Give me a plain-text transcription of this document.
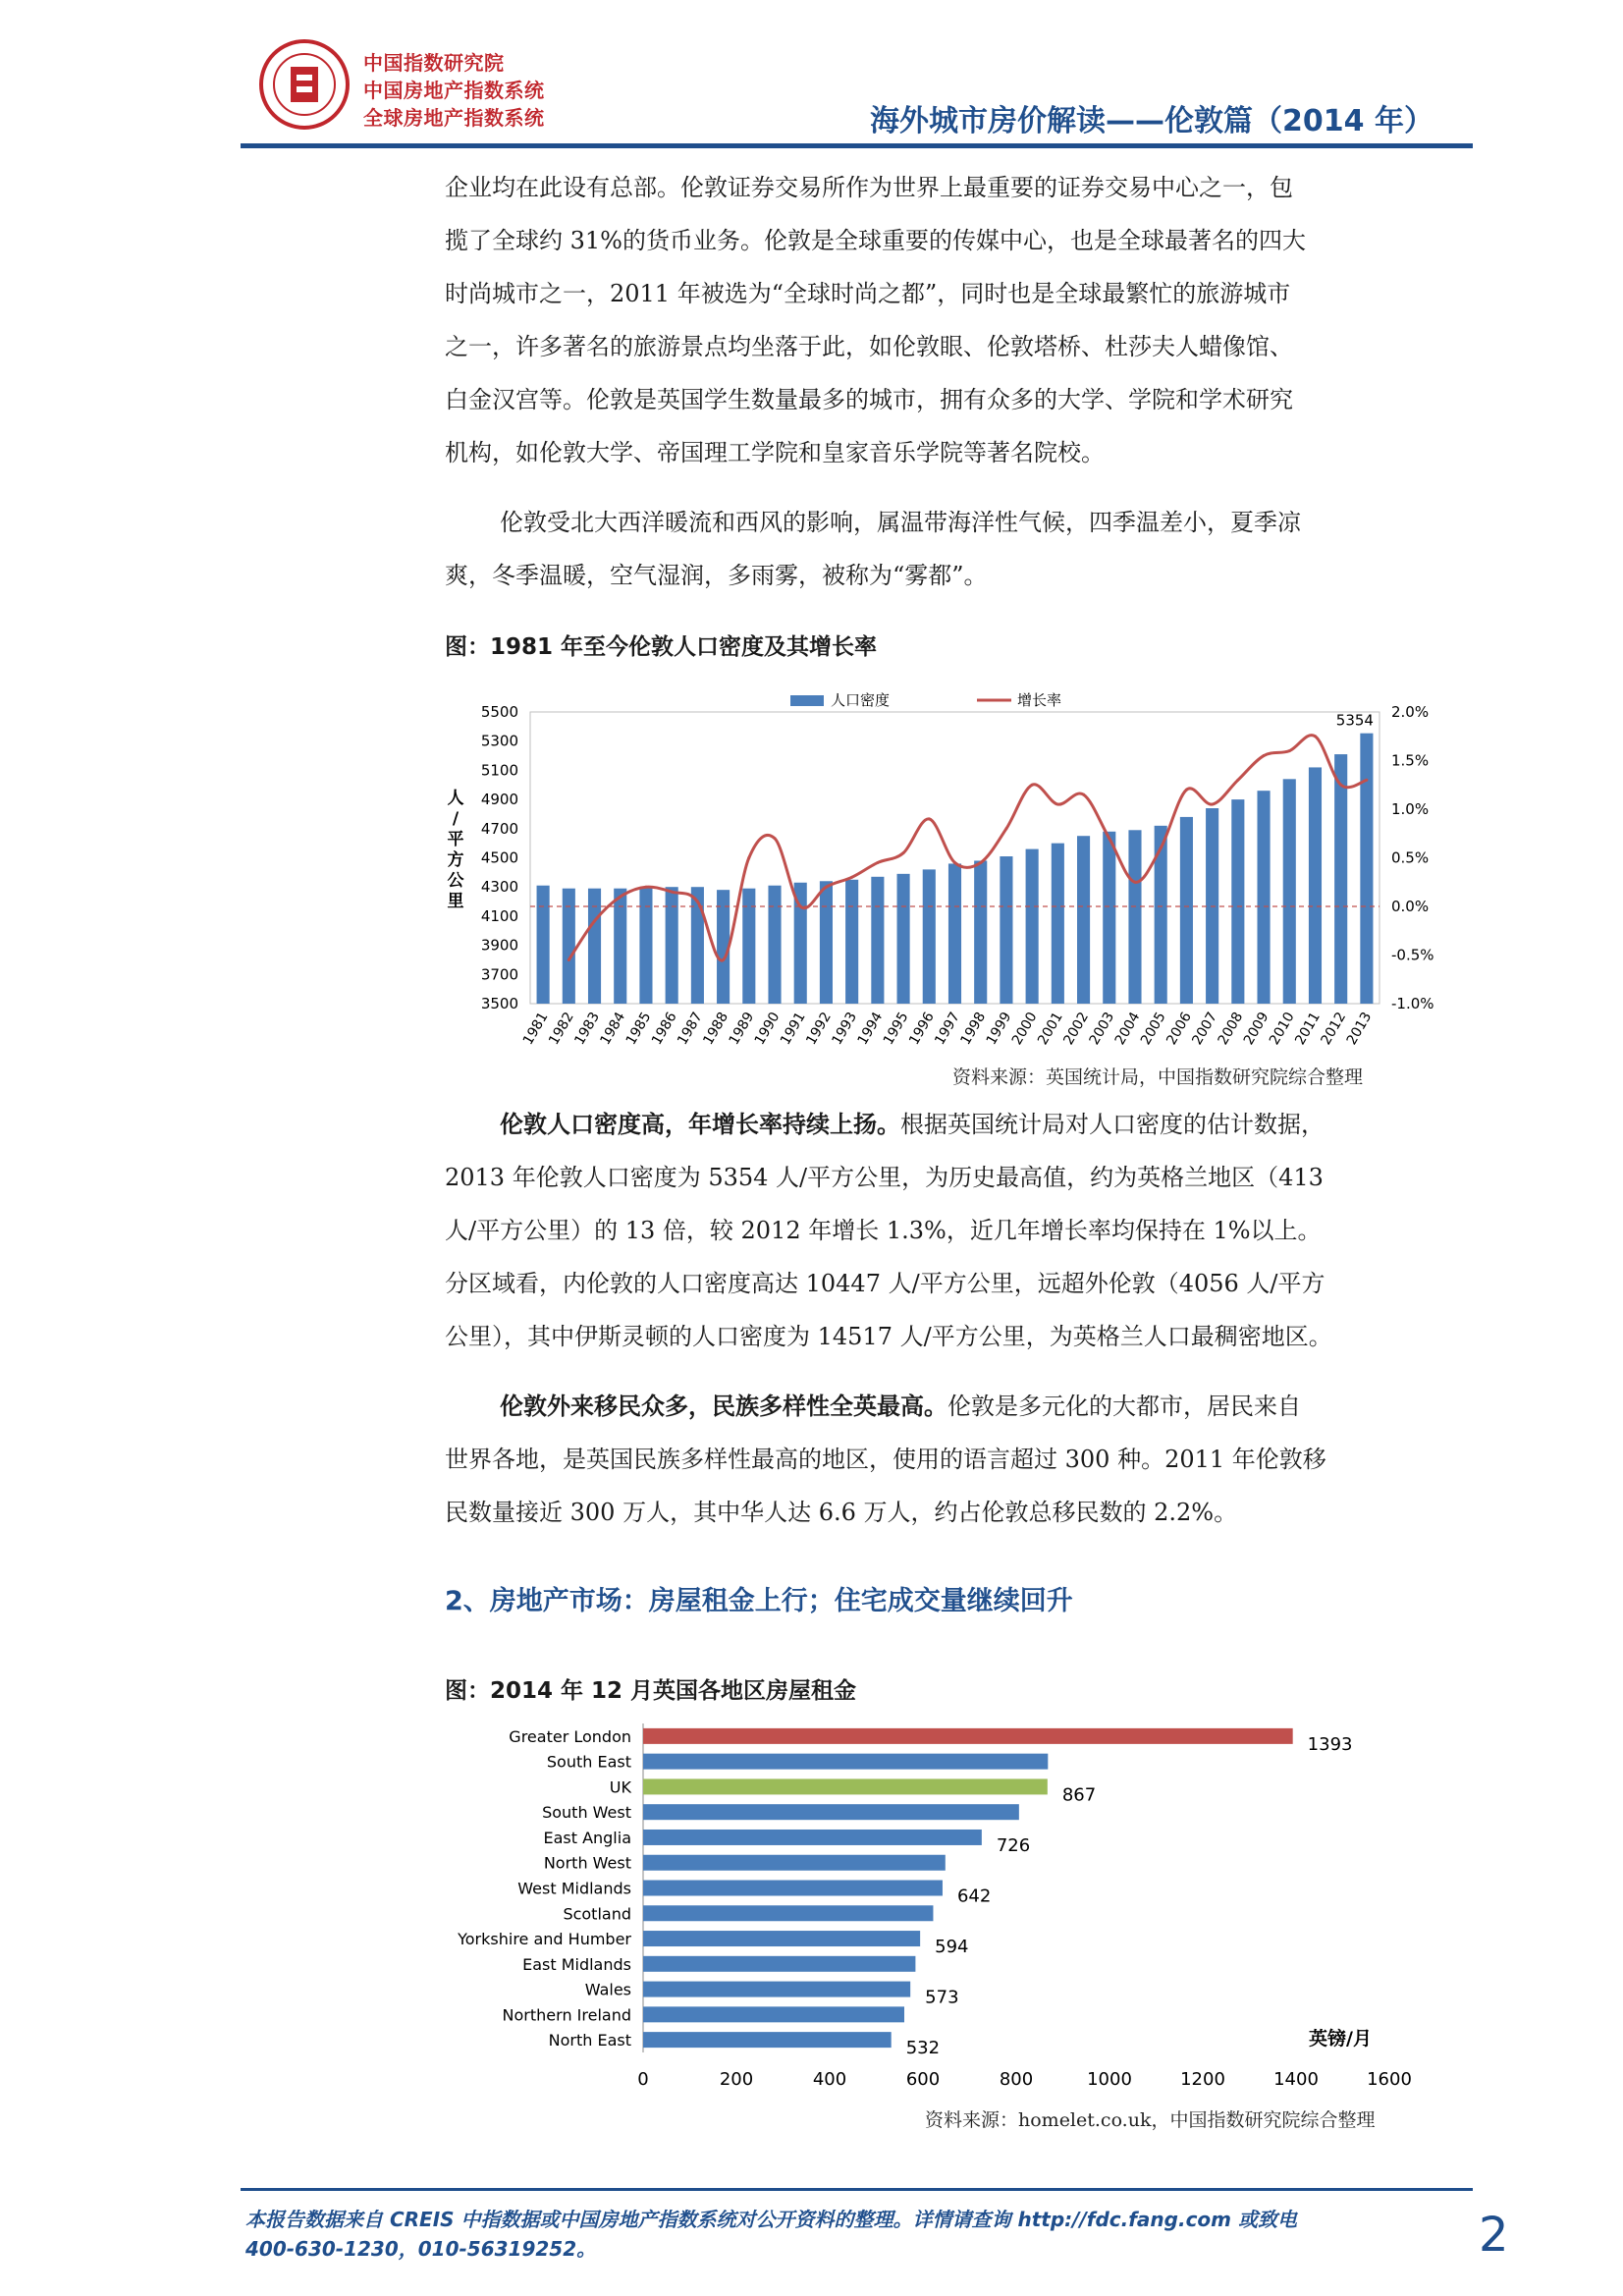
中国指数研究院
中国房地产指数系统
全球房地产指数系统	海外城市房价解读——伦敦篇（2014 年）
企业均在此设有总部。伦敦证券交易所作为世界上最重要的证券交易中心之一，包
揽了全球约 31%的货币业务。伦敦是全球重要的传媒中心，也是全球最著名的四大
时尚城市之一，2011 年被选为“全球时尚之都”，同时也是全球最繁忙的旅游城市
之一，许多著名的旅游景点均坐落于此，如伦敦眼、伦敦塔桥、杜莎夫人蜡像馆、
白金汉宫等。伦敦是英国学生数量最多的城市，拥有众多的大学、学院和学术研究
机构，如伦敦大学、帝国理工学院和皇家音乐学院等著名院校。
伦敦受北大西洋暖流和西风的影响，属温带海洋性气候，四季温差小，夏季凉
爽，冬季温暖，空气湿润，多雨雾，被称为“雾都”。
图：1981 年至今伦敦人口密度及其增长率
3500
3700
3900
4100
4300
4500
4700
4900
5100
5300
5500
-1.0%
-0.5%
0.0%
0.5%
1.0%
1.5%
2.0%
人/平方公里
1981
1982
1983
1984
1985
1986
1987
1988
1989
1990
1991
1992
1993
1994
1995
1996
1997
1998
1999
2000
2001
2002
2003
2004
2005
2006
2007
2008
2009
2010
2011
2012
2013
5354
人口密度	增长率
资料来源：英国统计局，中国指数研究院综合整理
伦敦人口密度高，年增长率持续上扬。根据英国统计局对人口密度的估计数据，
2013 年伦敦人口密度为 5354 人/平方公里，为历史最高值，约为英格兰地区（413
人/平方公里）的 13 倍，较 2012 年增长 1.3%，近几年增长率均保持在 1%以上。
分区域看，内伦敦的人口密度高达 10447 人/平方公里，远超外伦敦（4056 人/平方
公里），其中伊斯灵顿的人口密度为 14517 人/平方公里，为英格兰人口最稠密地区。
伦敦外来移民众多，民族多样性全英最高。伦敦是多元化的大都市，居民来自
世界各地，是英国民族多样性最高的地区，使用的语言超过 300 种。2011 年伦敦移
民数量接近 300 万人，其中华人达 6.6 万人，约占伦敦总移民数的 2.2%。
2、房地产市场：房屋租金上行；住宅成交量继续回升
图：2014 年 12 月英国各地区房屋租金
Greater London	1393
South East
UK	867
South West
East Anglia	726
North West
West Midlands	642
Scotland
Yorkshire and Humber	594
East Midlands
Wales	573
Northern Ireland
North East	532
0	200	400	600	800	1000	1200	1400	1600
英镑/月
资料来源：homelet.co.uk，中国指数研究院综合整理
本报告数据来自 CREIS 中指数据或中国房地产指数系统对公开资料的整理。详情请查询 http://fdc.fang.com 或致电
400-630-1230，010-56319252。	2
